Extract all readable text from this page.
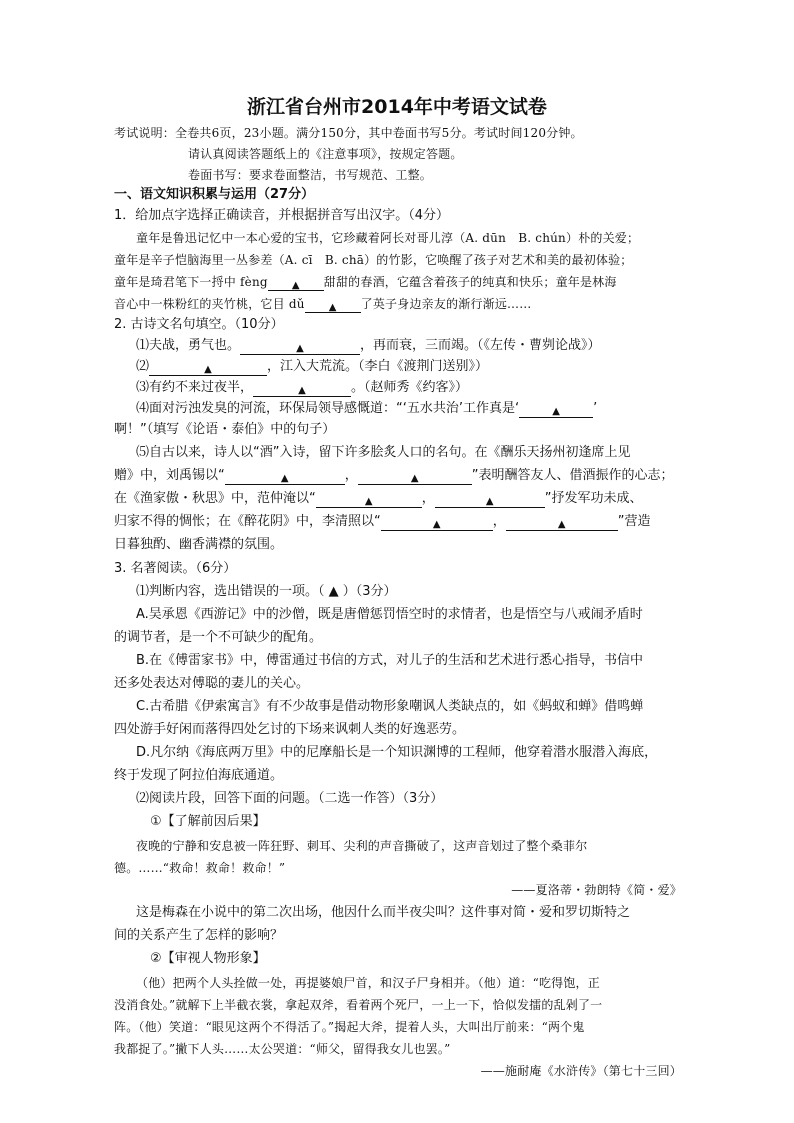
浙江省台州市2014年中考语文试卷
考试说明：全卷共6页，23小题。满分150分，其中卷面书写5分。考试时间120分钟。
请认真阅读答题纸上的《注意事项》，按规定答题。
卷面书写：要求卷面整洁，书写规范、工整。
一、语文知识积累与运用（27分）
1．给加点字选择正确读音，并根据拼音写出汉字。（4分）
童年是鲁迅记忆中一本心爱的宝书，它珍藏着阿长对哥儿淳（A. dūn　B. chún）朴的关爱；
童年是辛子恺脑海里一丛参差（A. cī　B. chā）的竹影，它唤醒了孩子对艺术和美的最初体验；
童年是琦君笔下一捋中 fèng ▲ 甜甜的春酒，它蕴含着孩子的纯真和快乐；童年是林海
音心中一株粉红的夹竹桃，它目 dǔ ▲ 了英子身边亲友的渐行渐远……
2. 古诗文名句填空。（10分）
⑴夫战，勇气也。	▲	，再而衰，三而竭。（《左传・曹刿论战》）
⑵	▲	，江入大荒流。（李白《渡荆门送别》）
⑶有约不来过夜半，	▲	。（赵师秀《约客》）
⑷面对污浊发臭的河流，环保局领导感慨道：“‘五水共治’工作真是‘	▲	’
啊！”（填写《论语・泰伯》中的句子）
⑸自古以来，诗人以“酒”入诗，留下许多脍炙人口的名句。在《酬乐天扬州初逢席上见
赠》中，刘禹锡以“	▲	，	▲	”表明酬答友人、借酒振作的心志；
在《渔家傲・秋思》中，范仲淹以“	▲	，	▲	”抒发军功未成、
归家不得的惆怅；在《醉花阴》中，李清照以“	▲	，	▲	”营造
日暮独酌、幽香满襟的氛围。
3. 名著阅读。（6分）
⑴判断内容，选出错误的一项。（ ▲ ）（3分）
A.吴承恩《西游记》中的沙僧，既是唐僧惩罚悟空时的求情者，也是悟空与八戒闹矛盾时
的调节者，是一个不可缺少的配角。
B.在《傅雷家书》中，傅雷通过书信的方式，对儿子的生活和艺术进行悉心指导，书信中
还多处表达对傅聪的妻儿的关心。
C.古希腊《伊索寓言》有不少故事是借动物形象嘲讽人类缺点的，如《蚂蚁和蝉》借鸣蝉
四处游手好闲而落得四处乞讨的下场来讽刺人类的好逸恶劳。
D.凡尔纳《海底两万里》中的尼摩船长是一个知识渊博的工程师，他穿着潜水服潜入海底，
终于发现了阿拉伯海底通道。
⑵阅读片段，回答下面的问题。（二选一作答）（3分）
①【了解前因后果】
夜晚的宁静和安息被一阵狂野、刺耳、尖利的声音撕破了，这声音划过了整个桑菲尔
德。……“救命！救命！救命！”
——夏洛蒂・勃朗特《简・爱》
这是梅森在小说中的第二次出场，他因什么而半夜尖叫？这件事对简・爱和罗切斯特之
间的关系产生了怎样的影响？
②【审视人物形象】
（他）把两个人头拴做一处，再提婆娘尸首，和汉子尸身相并。（他）道：“吃得饱，正
没消食处。”就解下上半截衣裳，拿起双斧，看着两个死尸，一上一下，恰似发擂的乱剁了一
阵。（他）笑道：“眼见这两个不得活了。”揭起大斧，提着人头，大叫出厅前来：“两个鬼
我都捉了。”撇下人头……太公哭道：“师父，留得我女儿也罢。”
——施耐庵《水浒传》（第七十三回）
